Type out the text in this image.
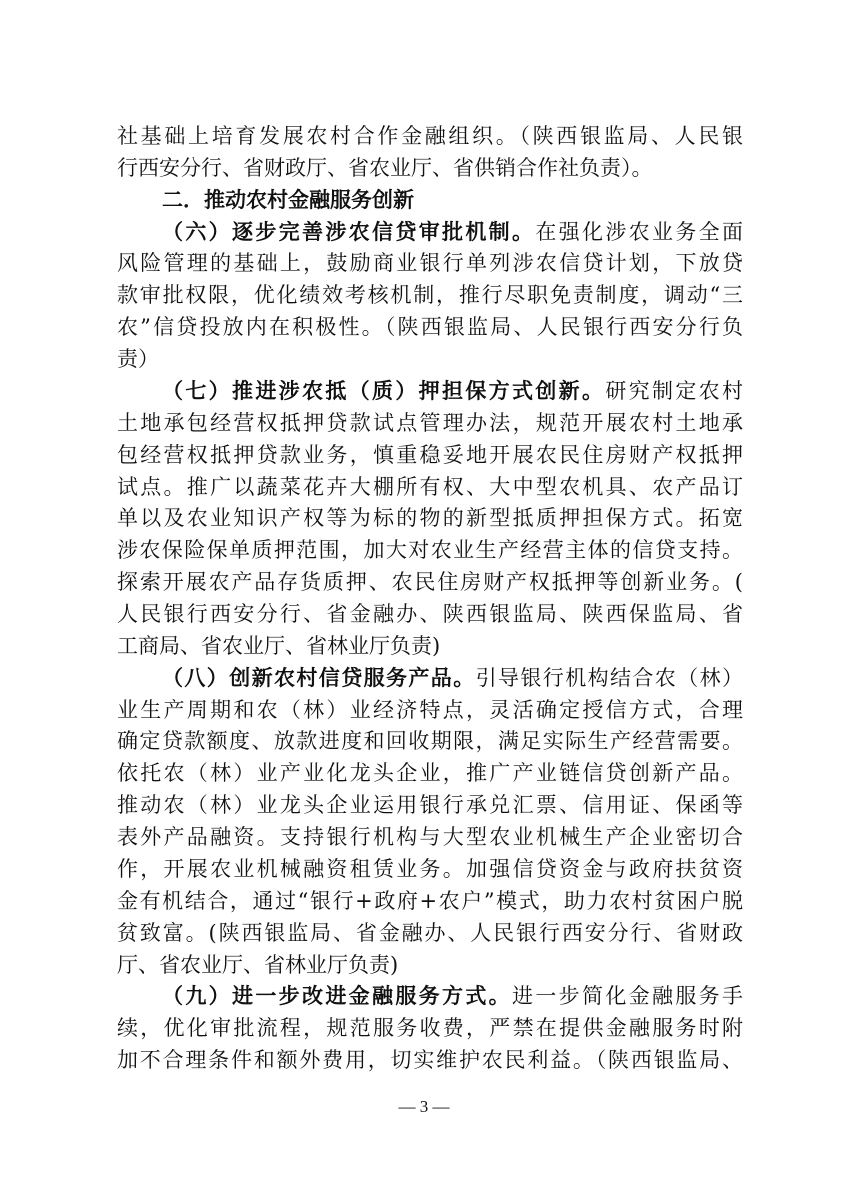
社基础上培育发展农村合作金融组织。（陕西银监局、人民银
行西安分行、省财政厅、省农业厅、省供销合作社负责）。
二．推动农村金融服务创新
（六）逐步完善涉农信贷审批机制。在强化涉农业务全面
风险管理的基础上，鼓励商业银行单列涉农信贷计划，下放贷
款审批权限，优化绩效考核机制，推行尽职免责制度，调动“三
农”信贷投放内在积极性。（陕西银监局、人民银行西安分行负
责）
（七）推进涉农抵（质）押担保方式创新。研究制定农村
土地承包经营权抵押贷款试点管理办法，规范开展农村土地承
包经营权抵押贷款业务，慎重稳妥地开展农民住房财产权抵押
试点。推广以蔬菜花卉大棚所有权、大中型农机具、农产品订
单以及农业知识产权等为标的物的新型抵质押担保方式。拓宽
涉农保险保单质押范围，加大对农业生产经营主体的信贷支持。
探索开展农产品存货质押、农民住房财产权抵押等创新业务。(
人民银行西安分行、省金融办、陕西银监局、陕西保监局、省
工商局、省农业厅、省林业厅负责)
（八）创新农村信贷服务产品。引导银行机构结合农（林）
业生产周期和农（林）业经济特点，灵活确定授信方式，合理
确定贷款额度、放款进度和回收期限，满足实际生产经营需要。
依托农（林）业产业化龙头企业，推广产业链信贷创新产品。
推动农（林）业龙头企业运用银行承兑汇票、信用证、保函等
表外产品融资。支持银行机构与大型农业机械生产企业密切合
作，开展农业机械融资租赁业务。加强信贷资金与政府扶贫资
金有机结合，通过“银行+政府+农户”模式，助力农村贫困户脱
贫致富。(陕西银监局、省金融办、人民银行西安分行、省财政
厅、省农业厅、省林业厅负责)
（九）进一步改进金融服务方式。进一步简化金融服务手
续，优化审批流程，规范服务收费，严禁在提供金融服务时附
加不合理条件和额外费用，切实维护农民利益。（陕西银监局、
— 3 —
